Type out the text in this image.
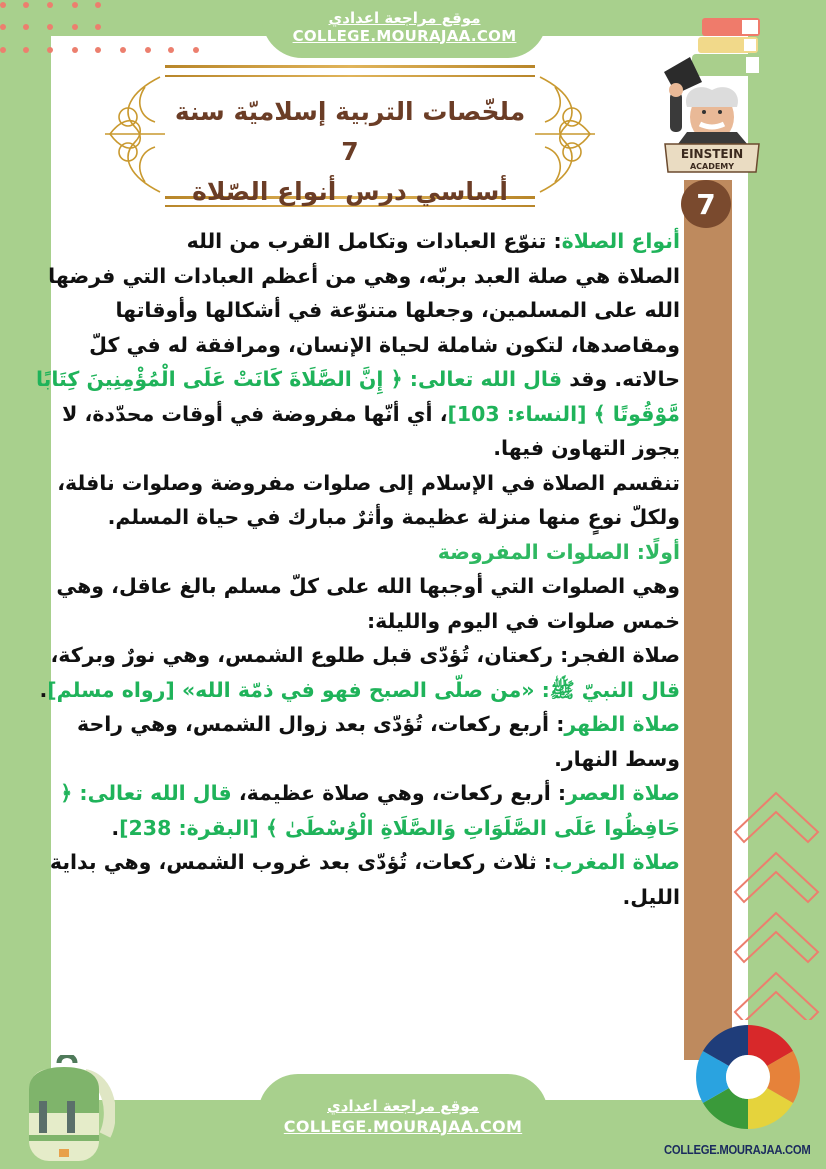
موقع مراجعة اعدادي
COLLEGE.MOURAJAA.COM
ملخّصات التربية إسلاميّة سنة 7
أساسي درس أنواع الصّلاة
EINSTEIN
ACADEMY
7

أنواع الصلاة: تنوّع العبادات وتكامل القرب من الله
الصلاة هي صلة العبد بربّه، وهي من أعظم العبادات التي فرضها الله على المسلمين، وجعلها متنوّعة في أشكالها وأوقاتها ومقاصدها، لتكون شاملة لحياة الإنسان، ومرافقة له في كلّ حالاته. وقد قال الله تعالى: ﴿ إِنَّ الصَّلَاةَ كَانَتْ عَلَى الْمُؤْمِنِينَ كِتَابًا مَّوْقُوتًا ﴾ [النساء: 103]، أي أنّها مفروضة في أوقات محدّدة، لا يجوز التهاون فيها.

تنقسم الصلاة في الإسلام إلى صلوات مفروضة وصلوات نافلة، ولكلّ نوعٍ منها منزلة عظيمة وأثرٌ مبارك في حياة المسلم.

أولًا: الصلوات المفروضة

وهي الصلوات التي أوجبها الله على كلّ مسلم بالغ عاقل، وهي خمس صلوات في اليوم والليلة:

صلاة الفجر: ركعتان، تُؤدّى قبل طلوع الشمس، وهي نورٌ وبركة، قال النبيّ ﷺ: «من صلّى الصبح فهو في ذمّة الله» [رواه مسلم].

صلاة الظهر: أربع ركعات، تُؤدّى بعد زوال الشمس، وهي راحة وسط النهار.

صلاة العصر: أربع ركعات، وهي صلاة عظيمة، قال الله تعالى: ﴿ حَافِظُوا عَلَى الصَّلَوَاتِ وَالصَّلَاةِ الْوُسْطَىٰ ﴾ [البقرة: 238].

صلاة المغرب: ثلاث ركعات، تُؤدّى بعد غروب الشمس، وهي بداية الليل.

موقع مراجعة اعدادي
COLLEGE.MOURAJAA.COM
COLLEGE.MOURAJAA.COM
